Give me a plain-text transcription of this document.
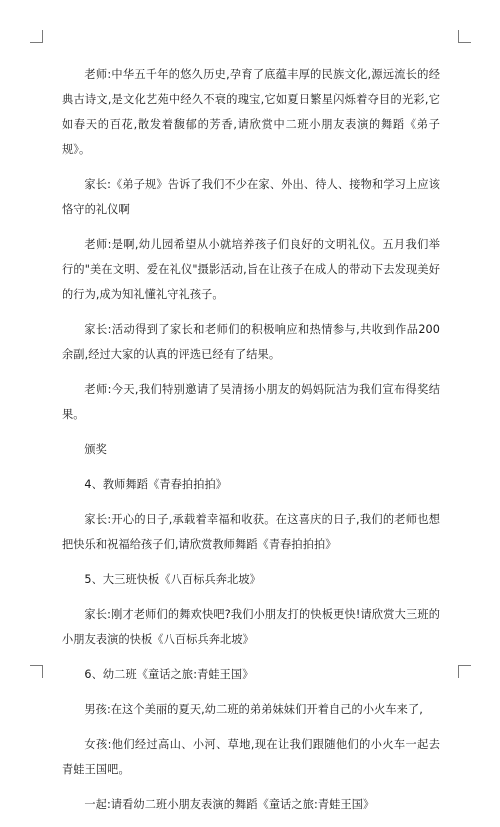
老师:中华五千年的悠久历史,孕育了底蕴丰厚的民族文化,源远流长的经典古诗文,是文化艺苑中经久不衰的瑰宝,它如夏日繁星闪烁着夺目的光彩,它如春天的百花,散发着馥郁的芳香,请欣赏中二班小朋友表演的舞蹈《弟子规》。

家长:《弟子规》告诉了我们不少在家、外出、待人、接物和学习上应该恪守的礼仪啊

老师:是啊,幼儿园希望从小就培养孩子们良好的文明礼仪。五月我们举行的"美在文明、爱在礼仪"摄影活动,旨在让孩子在成人的带动下去发现美好的行为,成为知礼懂礼守礼孩子。

家长:活动得到了家长和老师们的积极响应和热情参与,共收到作品200余副,经过大家的认真的评选已经有了结果。

老师:今天,我们特别邀请了吴清扬小朋友的妈妈阮洁为我们宣布得奖结果。

颁奖

4、教师舞蹈《青春拍拍拍》

家长:开心的日子,承载着幸福和收获。在这喜庆的日子,我们的老师也想把快乐和祝福给孩子们,请欣赏教师舞蹈《青春拍拍拍》

5、大三班快板《八百标兵奔北坡》

家长:刚才老师们的舞欢快吧?我们小朋友打的快板更快!请欣赏大三班的小朋友表演的快板《八百标兵奔北坡》

6、幼二班《童话之旅:青蛙王国》

男孩:在这个美丽的夏天,幼二班的弟弟妹妹们开着自己的小火车来了,

女孩:他们经过高山、小河、草地,现在让我们跟随他们的小火车一起去青蛙王国吧。

一起:请看幼二班小朋友表演的舞蹈《童话之旅:青蛙王国》
